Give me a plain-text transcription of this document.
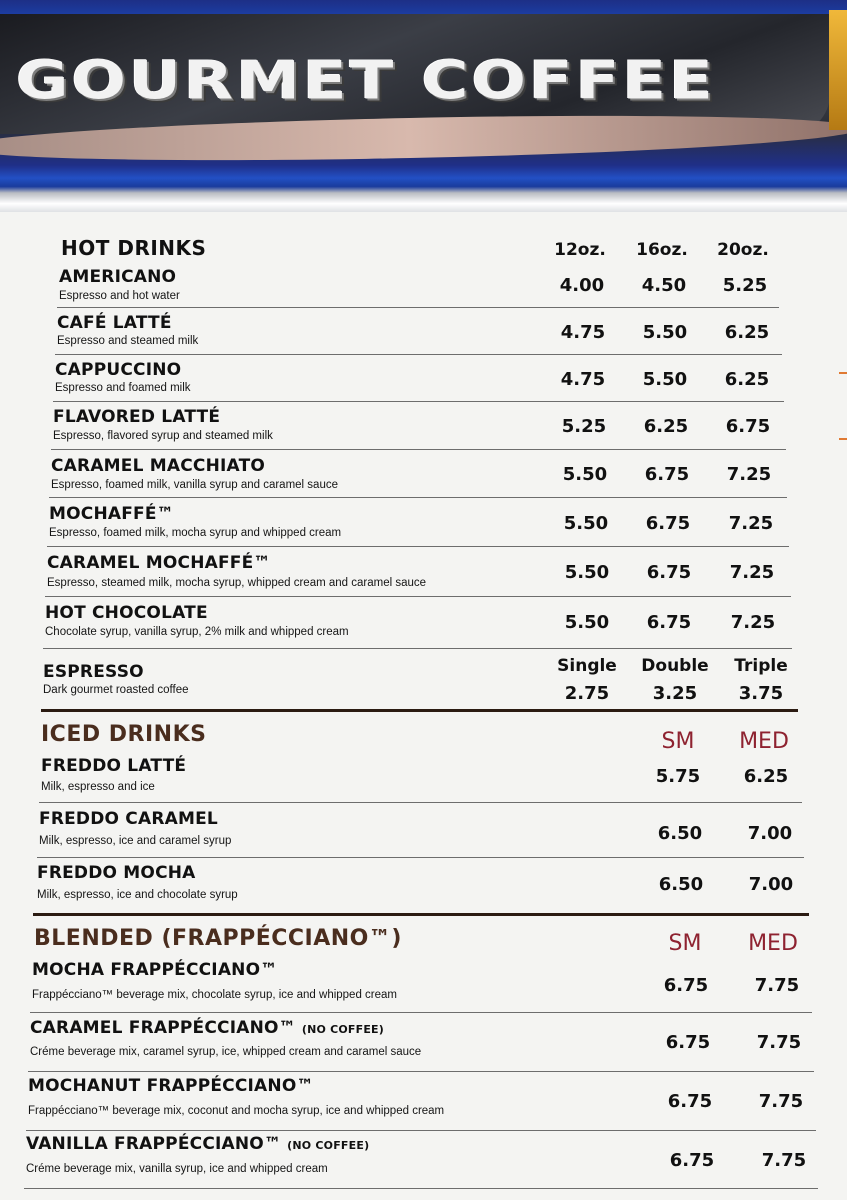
GOURMET COFFEE
HOT DRINKS	12oz.	16oz.	20oz.
AMERICANO
Espresso and hot water	4.00	4.50	5.25
CAFÉ LATTÉ
Espresso and steamed milk	4.75	5.50	6.25
CAPPUCCINO
Espresso and foamed milk	4.75	5.50	6.25
FLAVORED LATTÉ
Espresso, flavored syrup and steamed milk	5.25	6.25	6.75
CARAMEL MACCHIATO
Espresso, foamed milk, vanilla syrup and caramel sauce	5.50	6.75	7.25
MOCHAFFÉ™
Espresso, foamed milk, mocha syrup and whipped cream	5.50	6.75	7.25
CARAMEL MOCHAFFÉ™
Espresso, steamed milk, mocha syrup, whipped cream and caramel sauce	5.50	6.75	7.25
HOT CHOCOLATE
Chocolate syrup, vanilla syrup, 2% milk and whipped cream	5.50	6.75	7.25
ESPRESSO
Dark gourmet roasted coffee
Single	Double	Triple
2.75	3.25	3.75
ICED DRINKS	SM	MED
FREDDO LATTÉ
Milk, espresso and ice	5.75	6.25
FREDDO CARAMEL
Milk, espresso, ice and caramel syrup	6.50	7.00
FREDDO MOCHA
Milk, espresso, ice and chocolate syrup	6.50	7.00
BLENDED (FRAPPÉCCIANO™)	SM	MED
MOCHA FRAPPÉCCIANO™
Frappécciano™ beverage mix, chocolate syrup, ice and whipped cream	6.75	7.75
CARAMEL FRAPPÉCCIANO™ (NO COFFEE)
Créme beverage mix, caramel syrup, ice, whipped cream and caramel sauce	6.75	7.75
MOCHANUT FRAPPÉCCIANO™
Frappécciano™ beverage mix, coconut and mocha syrup, ice and whipped cream	6.75	7.75
VANILLA FRAPPÉCCIANO™ (NO COFFEE)
Créme beverage mix, vanilla syrup, ice and whipped cream	6.75	7.75
